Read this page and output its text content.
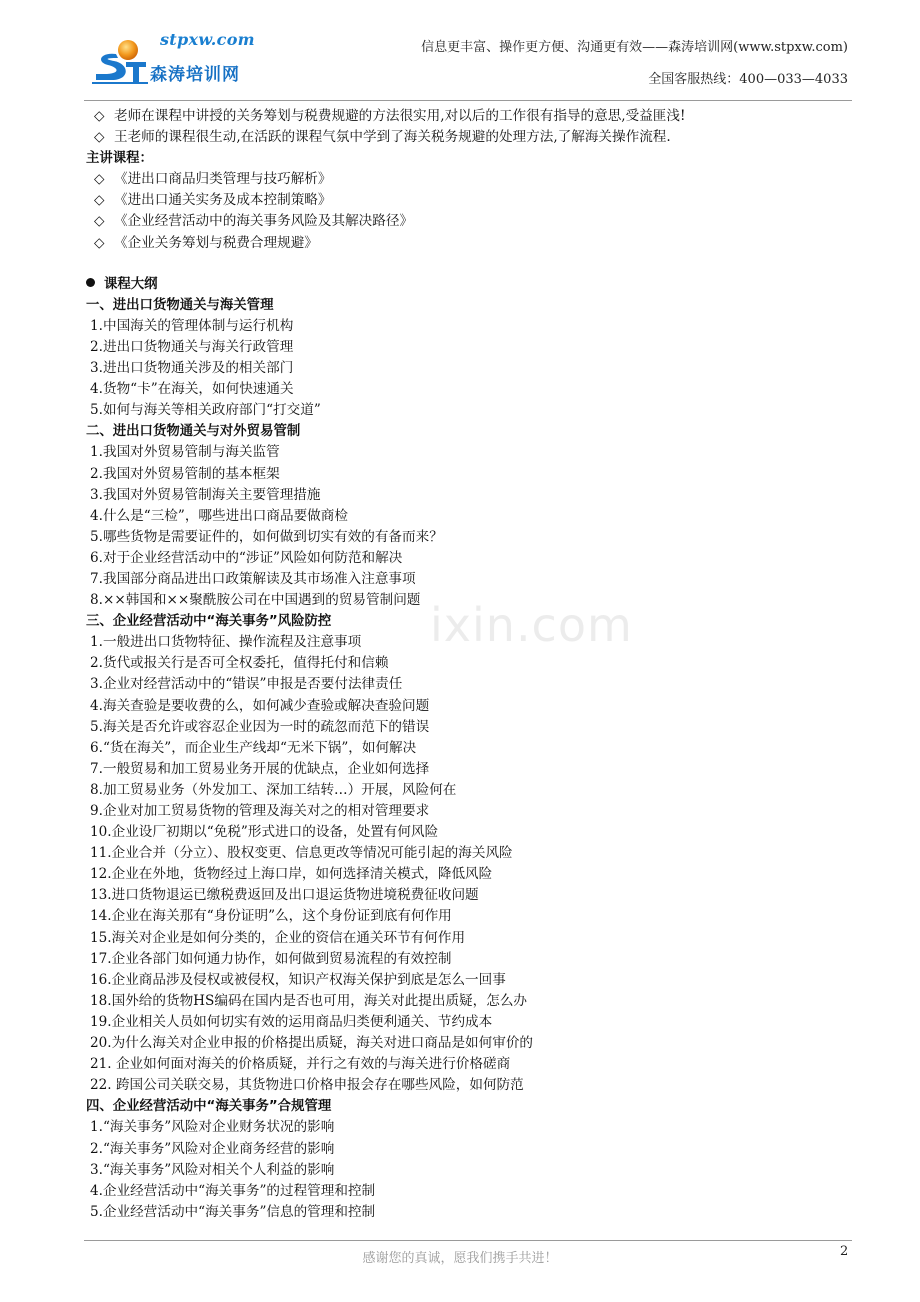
stpxw.com
森涛培训网
信息更丰富、操作更方便、沟通更有效——森涛培训网(www.stpxw.com)
全国客服热线：400—033—4033
ixin.com
◇ 老师在课程中讲授的关务筹划与税费规避的方法很实用,对以后的工作很有指导的意思,受益匪浅!
◇ 王老师的课程很生动,在活跃的课程气氛中学到了海关税务规避的处理方法,了解海关操作流程.
主讲课程：
◇ 《进出口商品归类管理与技巧解析》
◇ 《进出口通关实务及成本控制策略》
◇ 《企业经营活动中的海关事务风险及其解决路径》
◇ 《企业关务筹划与税费合理规避》
课程大纲
一、进出口货物通关与海关管理
1.中国海关的管理体制与运行机构
2.进出口货物通关与海关行政管理
3.进出口货物通关涉及的相关部门
4.货物“卡”在海关，如何快速通关
5.如何与海关等相关政府部门“打交道”
二、进出口货物通关与对外贸易管制
1.我国对外贸易管制与海关监管
2.我国对外贸易管制的基本框架
3.我国对外贸易管制海关主要管理措施
4.什么是“三检”，哪些进出口商品要做商检
5.哪些货物是需要证件的，如何做到切实有效的有备而来？
6.对于企业经营活动中的“涉证”风险如何防范和解决
7.我国部分商品进出口政策解读及其市场准入注意事项
8.××韩国和××聚酰胺公司在中国遇到的贸易管制问题
三、企业经营活动中“海关事务”风险防控
1.一般进出口货物特征、操作流程及注意事项
2.货代或报关行是否可全权委托，值得托付和信赖
3.企业对经营活动中的“错误”申报是否要付法律责任
4.海关查验是要收费的么，如何减少查验或解决查验问题
5.海关是否允许或容忍企业因为一时的疏忽而范下的错误
6.“货在海关”，而企业生产线却“无米下锅”，如何解决
7.一般贸易和加工贸易业务开展的优缺点，企业如何选择
8.加工贸易业务（外发加工、深加工结转…）开展，风险何在
9.企业对加工贸易货物的管理及海关对之的相对管理要求
10.企业设厂初期以“免税”形式进口的设备，处置有何风险
11.企业合并（分立）、股权变更、信息更改等情况可能引起的海关风险
12.企业在外地，货物经过上海口岸，如何选择清关模式，降低风险
13.进口货物退运已缴税费返回及出口退运货物进境税费征收问题
14.企业在海关那有“身份证明”么，这个身份证到底有何作用
15.海关对企业是如何分类的，企业的资信在通关环节有何作用
17.企业各部门如何通力协作，如何做到贸易流程的有效控制
16.企业商品涉及侵权或被侵权，知识产权海关保护到底是怎么一回事
18.国外给的货物HS编码在国内是否也可用，海关对此提出质疑，怎么办
19.企业相关人员如何切实有效的运用商品归类便利通关、节约成本
20.为什么海关对企业申报的价格提出质疑，海关对进口商品是如何审价的
21. 企业如何面对海关的价格质疑，并行之有效的与海关进行价格磋商
22. 跨国公司关联交易，其货物进口价格申报会存在哪些风险，如何防范
四、企业经营活动中“海关事务”合规管理
1.“海关事务”风险对企业财务状况的影响
2.“海关事务”风险对企业商务经营的影响
3.“海关事务”风险对相关个人利益的影响
4.企业经营活动中“海关事务”的过程管理和控制
5.企业经营活动中“海关事务”信息的管理和控制
感谢您的真诚，愿我们携手共进！	2
